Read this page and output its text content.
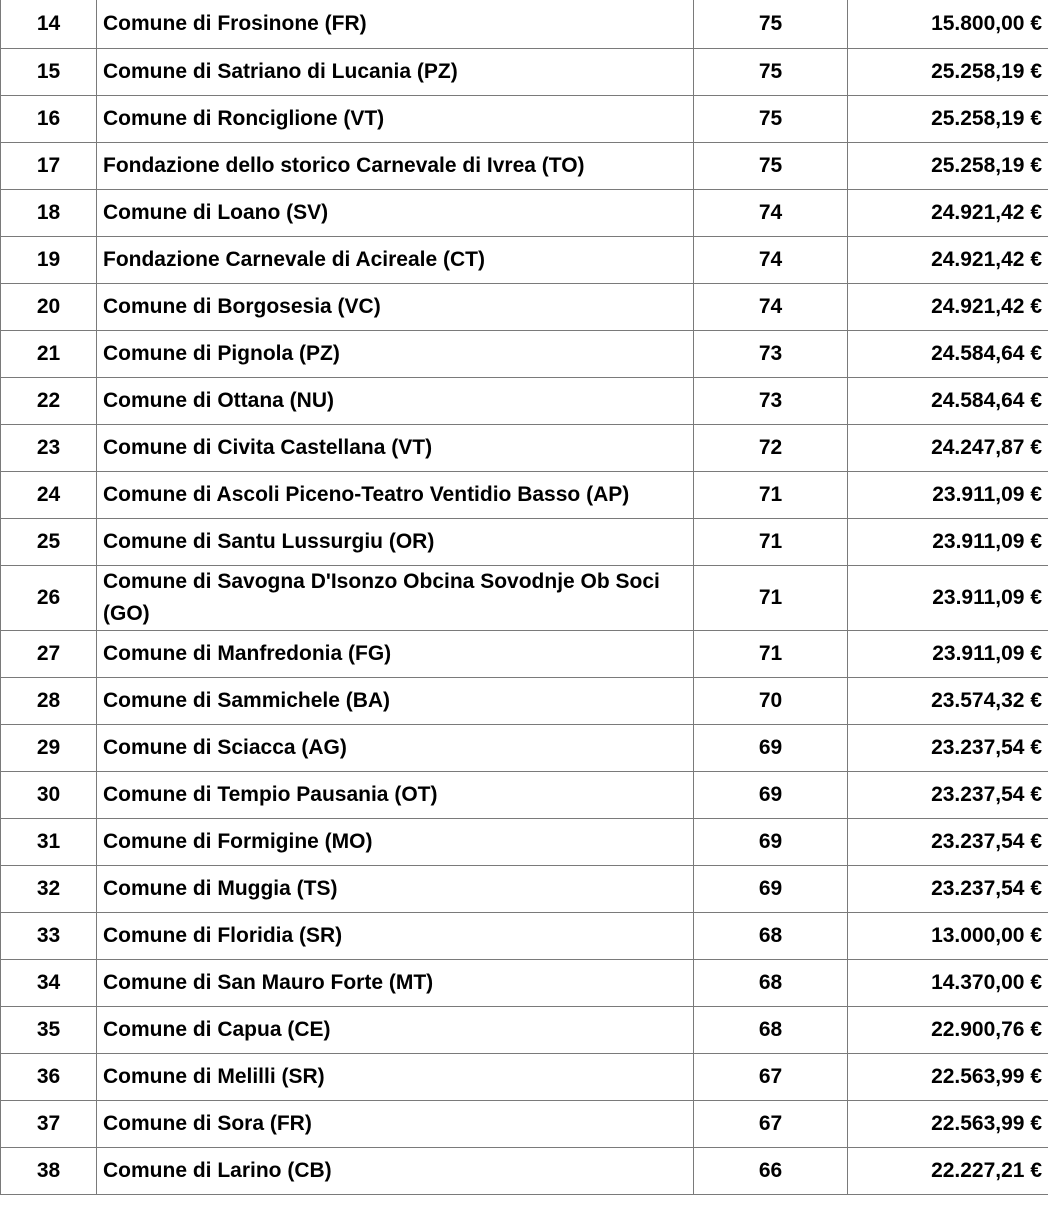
14	Comune di Frosinone (FR)	75	15.800,00 €
15	Comune di Satriano di Lucania (PZ)	75	25.258,19 €
16	Comune di Ronciglione (VT)	75	25.258,19 €
17	Fondazione dello storico Carnevale di Ivrea (TO)	75	25.258,19 €
18	Comune di Loano (SV)	74	24.921,42 €
19	Fondazione Carnevale di Acireale (CT)	74	24.921,42 €
20	Comune di Borgosesia (VC)	74	24.921,42 €
21	Comune di Pignola (PZ)	73	24.584,64 €
22	Comune di Ottana (NU)	73	24.584,64 €
23	Comune di Civita Castellana (VT)	72	24.247,87 €
24	Comune di Ascoli Piceno-Teatro Ventidio Basso (AP)	71	23.911,09 €
25	Comune di Santu Lussurgiu (OR)	71	23.911,09 €
26	Comune di Savogna D'Isonzo Obcina Sovodnje Ob Soci (GO)	71	23.911,09 €
27	Comune di Manfredonia (FG)	71	23.911,09 €
28	Comune di Sammichele (BA)	70	23.574,32 €
29	Comune di Sciacca (AG)	69	23.237,54 €
30	Comune di Tempio Pausania (OT)	69	23.237,54 €
31	Comune di Formigine (MO)	69	23.237,54 €
32	Comune di Muggia (TS)	69	23.237,54 €
33	Comune di Floridia (SR)	68	13.000,00 €
34	Comune di San Mauro Forte (MT)	68	14.370,00 €
35	Comune di Capua (CE)	68	22.900,76 €
36	Comune di Melilli (SR)	67	22.563,99 €
37	Comune di Sora (FR)	67	22.563,99 €
38	Comune di Larino (CB)	66	22.227,21 €
